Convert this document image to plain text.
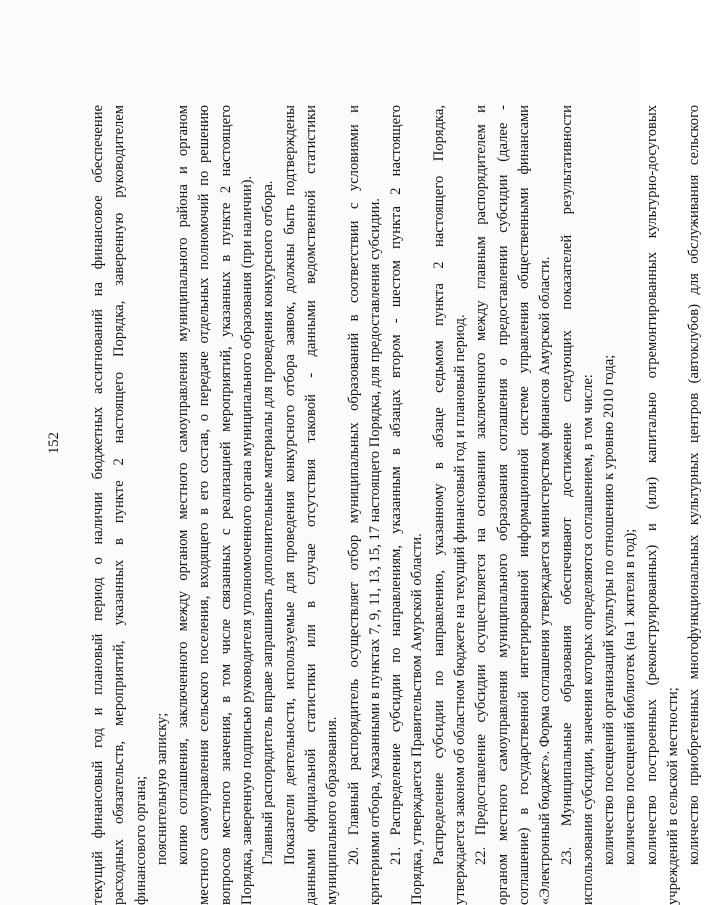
152 текущий финансовый год и плановый период о наличии бюджетных ассигнований на финансовое обеспечение расходных обязательств, мероприятий, указанных в пункте 2 настоящего Порядка, заверенную руководителем финансового органа; пояснительную записку; копию соглашения, заключенного между органом местного самоуправления муниципального района и органом местного самоуправления сельского поселения, входящего в его состав, о передаче отдельных полномочий по решению вопросов местного значения, в том числе связанных с реализацией мероприятий, указанных в пункте 2 настоящего Порядка, заверенную подписью руководителя уполномоченного органа муниципального образования (при наличии). Главный распорядитель вправе запрашивать дополнительные материалы для проведения конкурсного отбора. Показатели деятельности, используемые для проведения конкурсного отбора заявок, должны быть подтверждены данными официальной статистики или в случае отсутствия таковой - данными ведомственной статистики муниципального образования. 20. Главный распорядитель осуществляет отбор муниципальных образований в соответствии с условиями и критериями отбора, указанными в пунктах 7, 9, 11, 13, 15, 17 настоящего Порядка, для предоставления субсидии. 21. Распределение субсидии по направлениям, указанным в абзацах втором - шестом пункта 2 настоящего Порядка, утверждается Правительством Амурской области. Распределение субсидии по направлению, указанному в абзаце седьмом пункта 2 настоящего Порядка, утверждается законом об областном бюджете на текущий финансовый год и плановый период. 22. Предоставление субсидии осуществляется на основании заключенного между главным распорядителем и органом местного самоуправления муниципального образования соглашения о предоставлении субсидии (далее - соглашение) в государственной интегрированной информационной системе управления общественными финансами «Электронный бюджет». Форма соглашения утверждается министерством финансов Амурской области. 23. Муниципальные образования обеспечивают достижение следующих показателей результативности использования субсидии, значения которых определяются соглашением, в том числе: количество посещений организаций культуры по отношению к уровню 2010 года; количество посещений библиотек (на 1 жителя в год); количество построенных (реконструированных) и (или) капитально отремонтированных культурно-досуговых учреждений в сельской местности; количество приобретенных многофункциональных культурных центров (автоклубов) для обслуживания сельского
